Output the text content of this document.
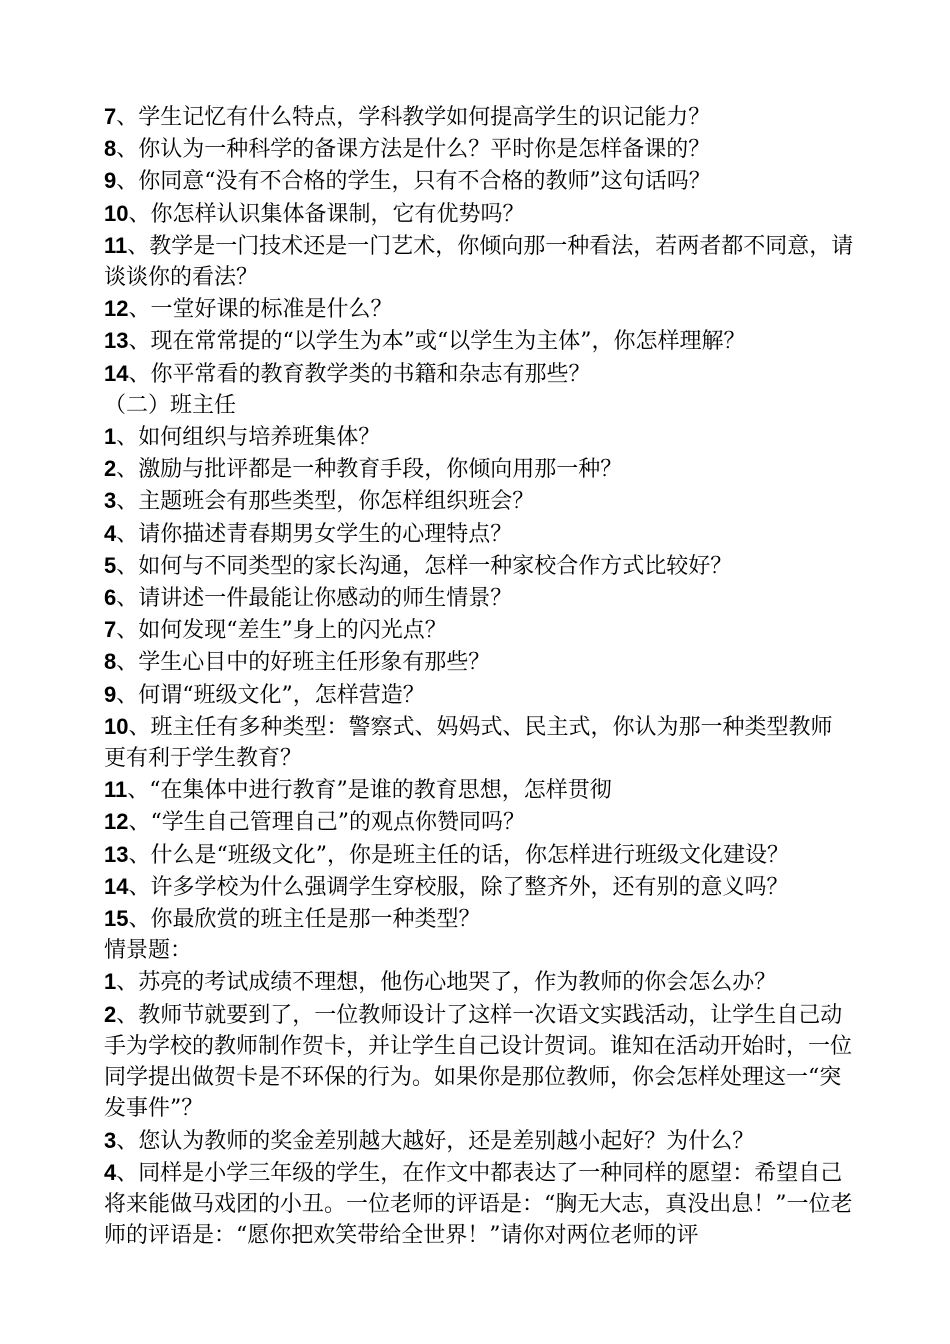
7、学生记忆有什么特点，学科教学如何提高学生的识记能力？
8、你认为一种科学的备课方法是什么？平时你是怎样备课的？
9、你同意“没有不合格的学生，只有不合格的教师”这句话吗？
10、你怎样认识集体备课制，它有优势吗？
11、教学是一门技术还是一门艺术，你倾向那一种看法，若两者都不同意，请谈谈你的看法？
12、一堂好课的标准是什么？
13、现在常常提的“以学生为本”或“以学生为主体”，你怎样理解？
14、你平常看的教育教学类的书籍和杂志有那些？
（二）班主任
1、如何组织与培养班集体？
2、激励与批评都是一种教育手段，你倾向用那一种？
3、主题班会有那些类型，你怎样组织班会？
4、请你描述青春期男女学生的心理特点？
5、如何与不同类型的家长沟通，怎样一种家校合作方式比较好？
6、请讲述一件最能让你感动的师生情景？
7、如何发现“差生”身上的闪光点？
8、学生心目中的好班主任形象有那些？
9、何谓“班级文化”，怎样营造？
10、班主任有多种类型：警察式、妈妈式、民主式，你认为那一种类型教师更有利于学生教育？
11、“在集体中进行教育”是谁的教育思想，怎样贯彻
12、“学生自己管理自己”的观点你赞同吗？
13、什么是“班级文化”，你是班主任的话，你怎样进行班级文化建设？
14、许多学校为什么强调学生穿校服，除了整齐外，还有别的意义吗？
15、你最欣赏的班主任是那一种类型？
情景题：
1、苏亮的考试成绩不理想，他伤心地哭了，作为教师的你会怎么办？
2、教师节就要到了，一位教师设计了这样一次语文实践活动，让学生自己动手为学校的教师制作贺卡，并让学生自己设计贺词。谁知在活动开始时，一位同学提出做贺卡是不环保的行为。如果你是那位教师，你会怎样处理这一“突发事件”？
3、您认为教师的奖金差别越大越好，还是差别越小起好？为什么？
4、同样是小学三年级的学生，在作文中都表达了一种同样的愿望：希望自己将来能做马戏团的小丑。一位老师的评语是：“胸无大志，真没出息！”一位老师的评语是：“愿你把欢笑带给全世界！”请你对两位老师的评
